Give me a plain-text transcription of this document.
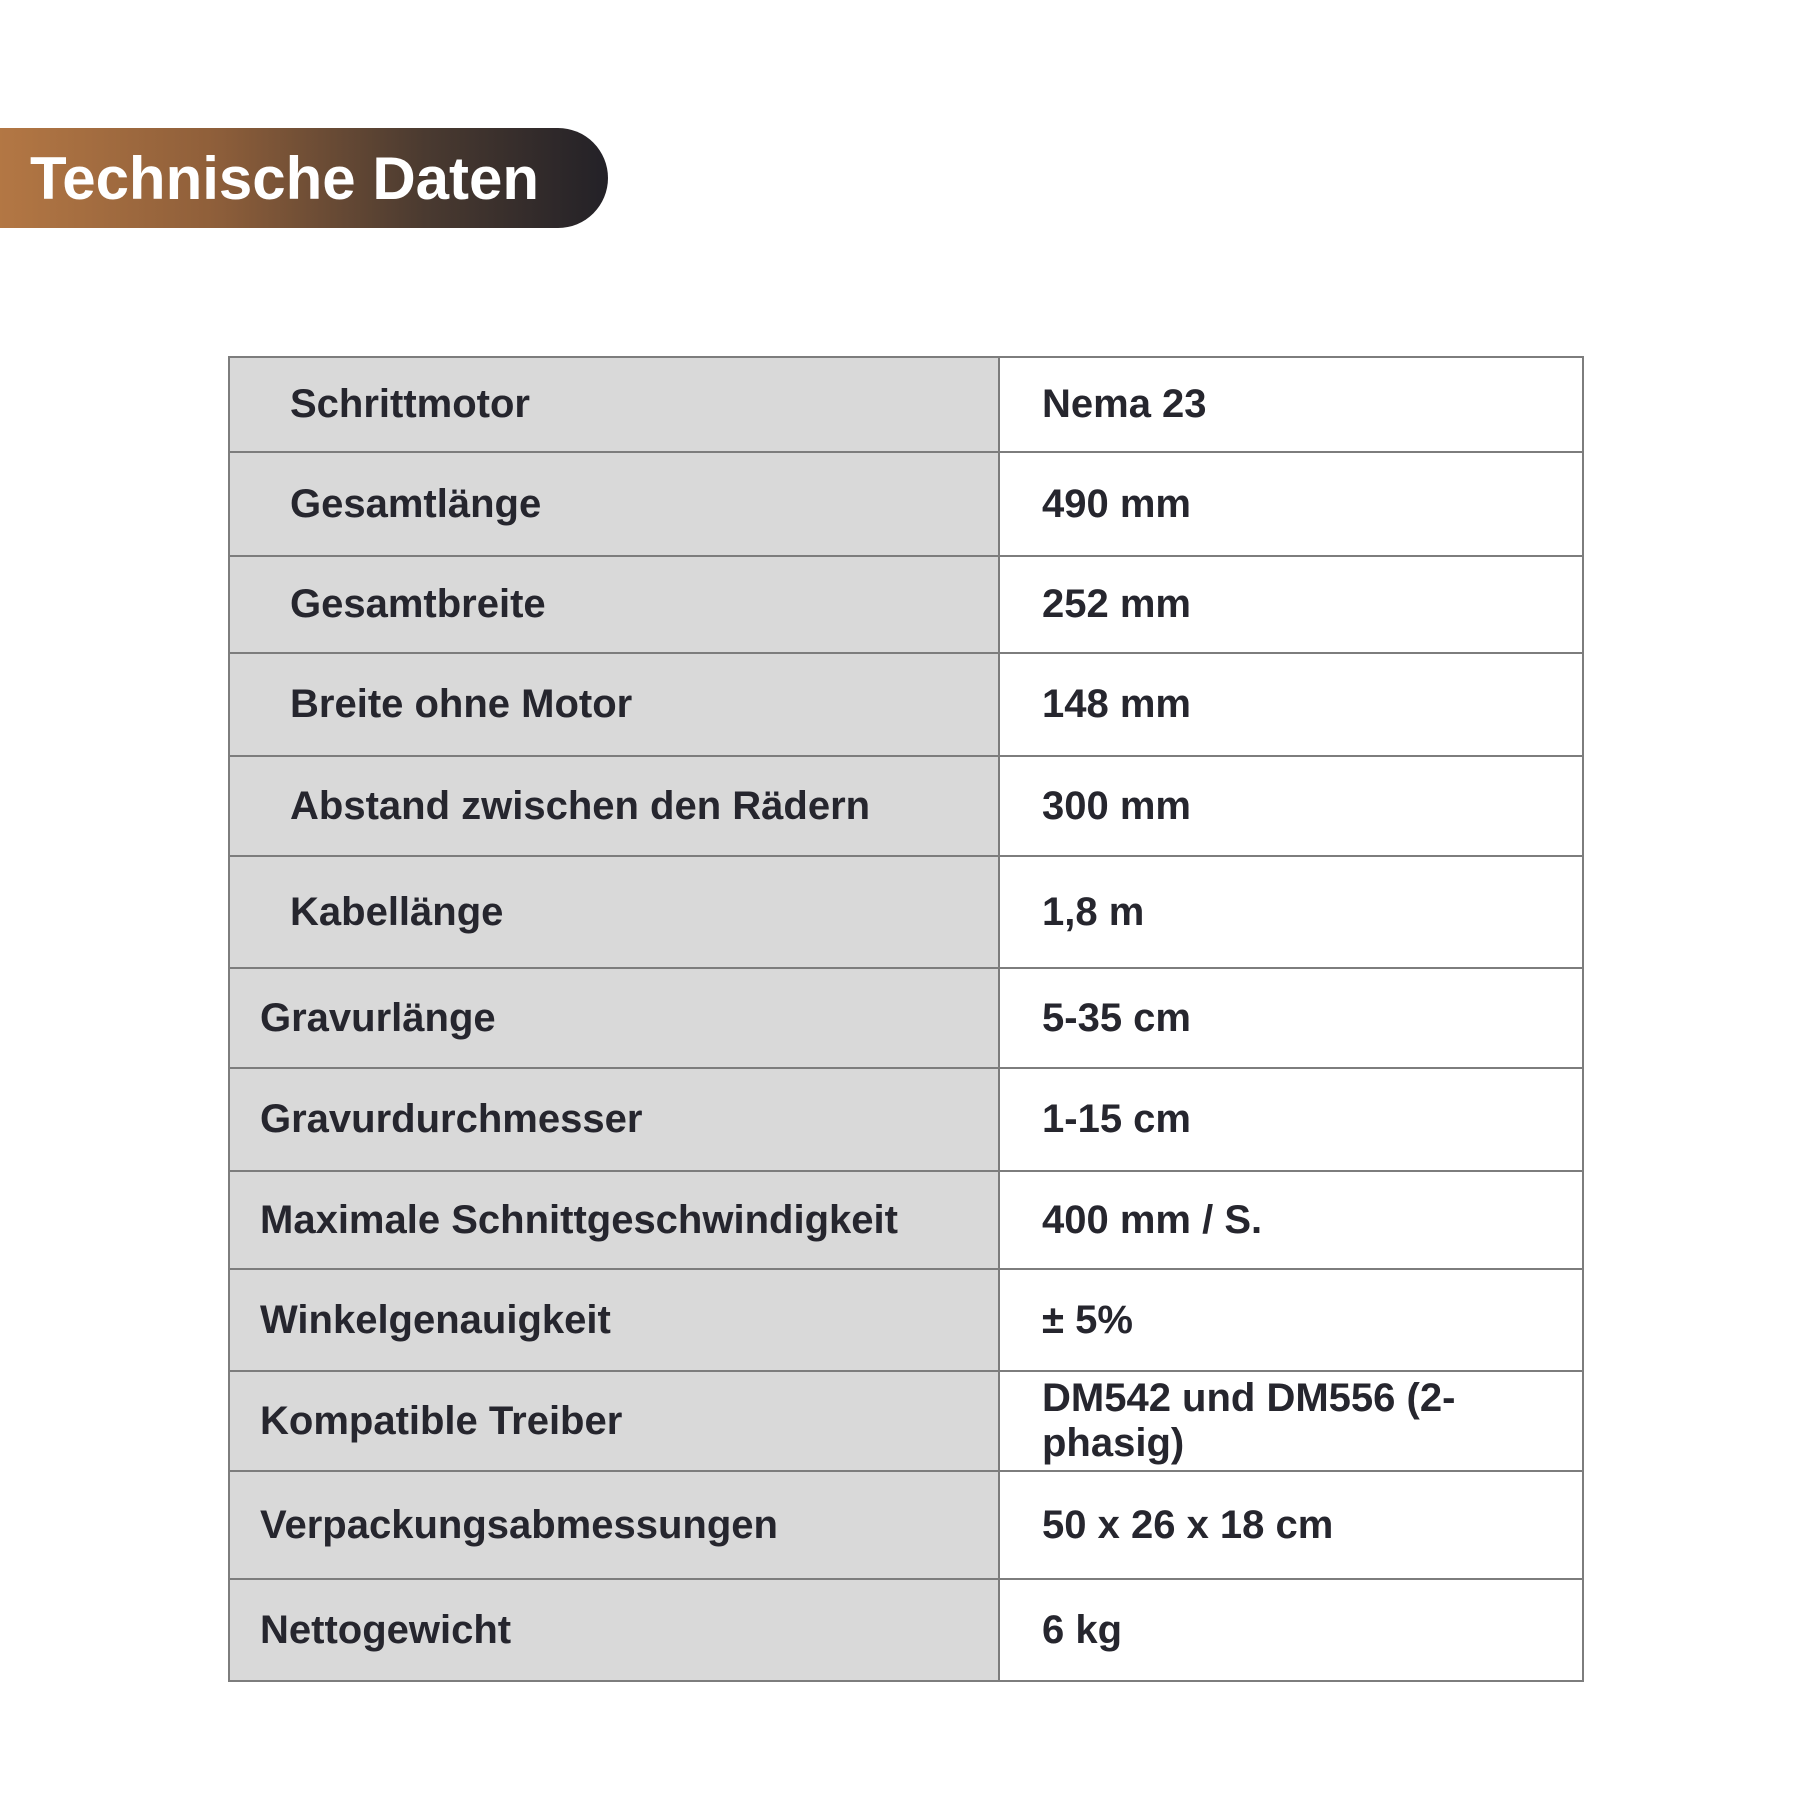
Technische Daten
Schrittmotor	Nema 23
Gesamtlänge	490 mm
Gesamtbreite	252 mm
Breite ohne Motor	148 mm
Abstand zwischen den Rädern	300 mm
Kabellänge	1,8 m
Gravurlänge	5-35 cm
Gravurdurchmesser	1-15 cm
Maximale Schnittgeschwindigkeit	400 mm / S.
Winkelgenauigkeit	± 5%
Kompatible Treiber	DM542 und DM556 (2-phasig)
Verpackungsabmessungen	50 x 26 x 18 cm
Nettogewicht	6 kg
